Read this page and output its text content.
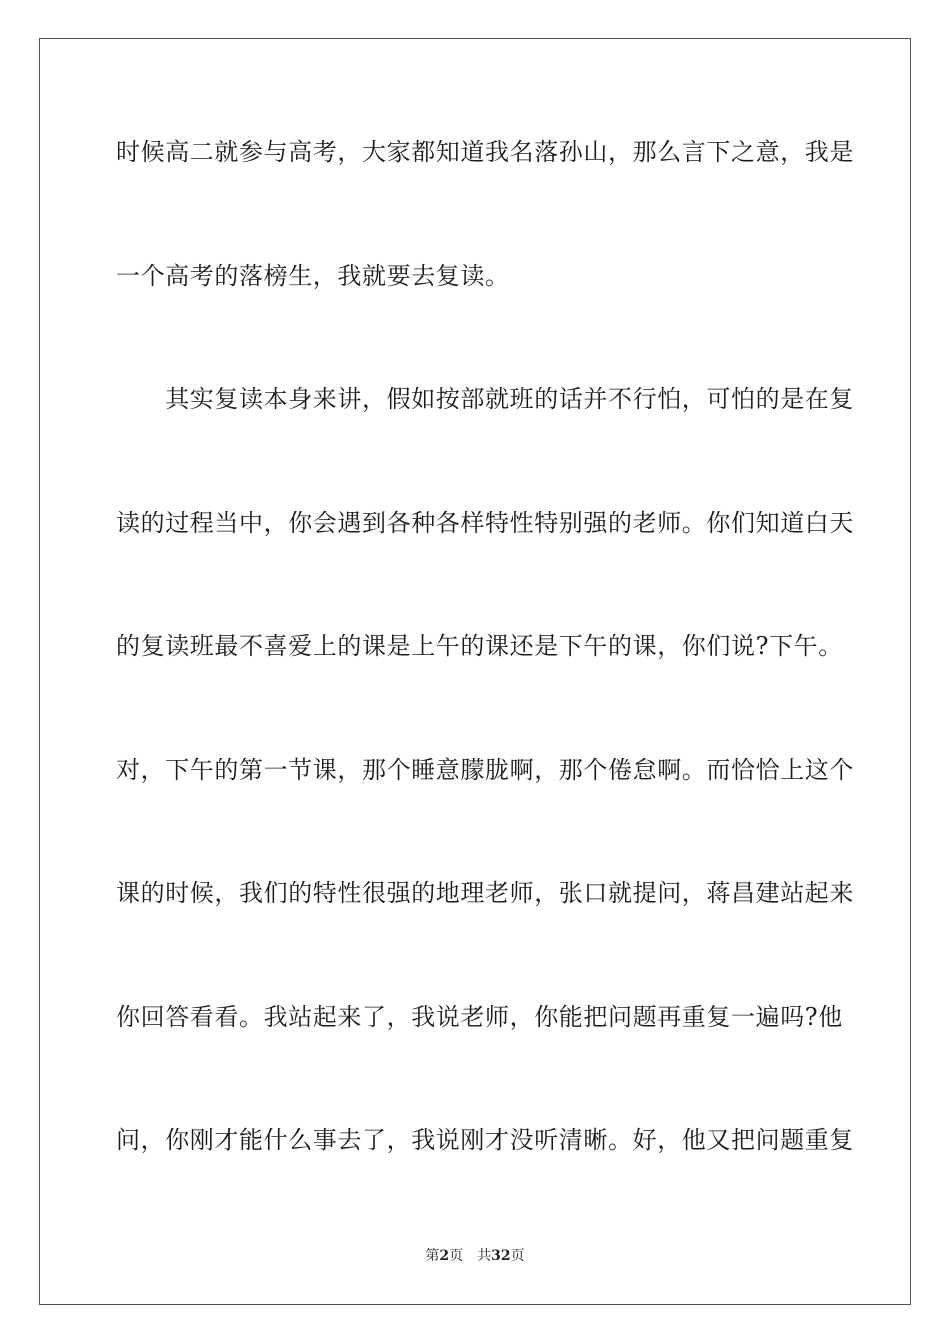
时候高二就参与高考，大家都知道我名落孙山，那么言下之意，我是
一个高考的落榜生，我就要去复读。
　　其实复读本身来讲，假如按部就班的话并不行怕，可怕的是在复
读的过程当中，你会遇到各种各样特性特别强的老师。你们知道白天
的复读班最不喜爱上的课是上午的课还是下午的课，你们说?下午。
对，下午的第一节课，那个睡意朦胧啊，那个倦怠啊。而恰恰上这个
课的时候，我们的特性很强的地理老师，张口就提问，蒋昌建站起来
你回答看看。我站起来了，我说老师，你能把问题再重复一遍吗?他
问，你刚才能什么事去了，我说刚才没听清晰。好，他又把问题重复
第2页 共32页
